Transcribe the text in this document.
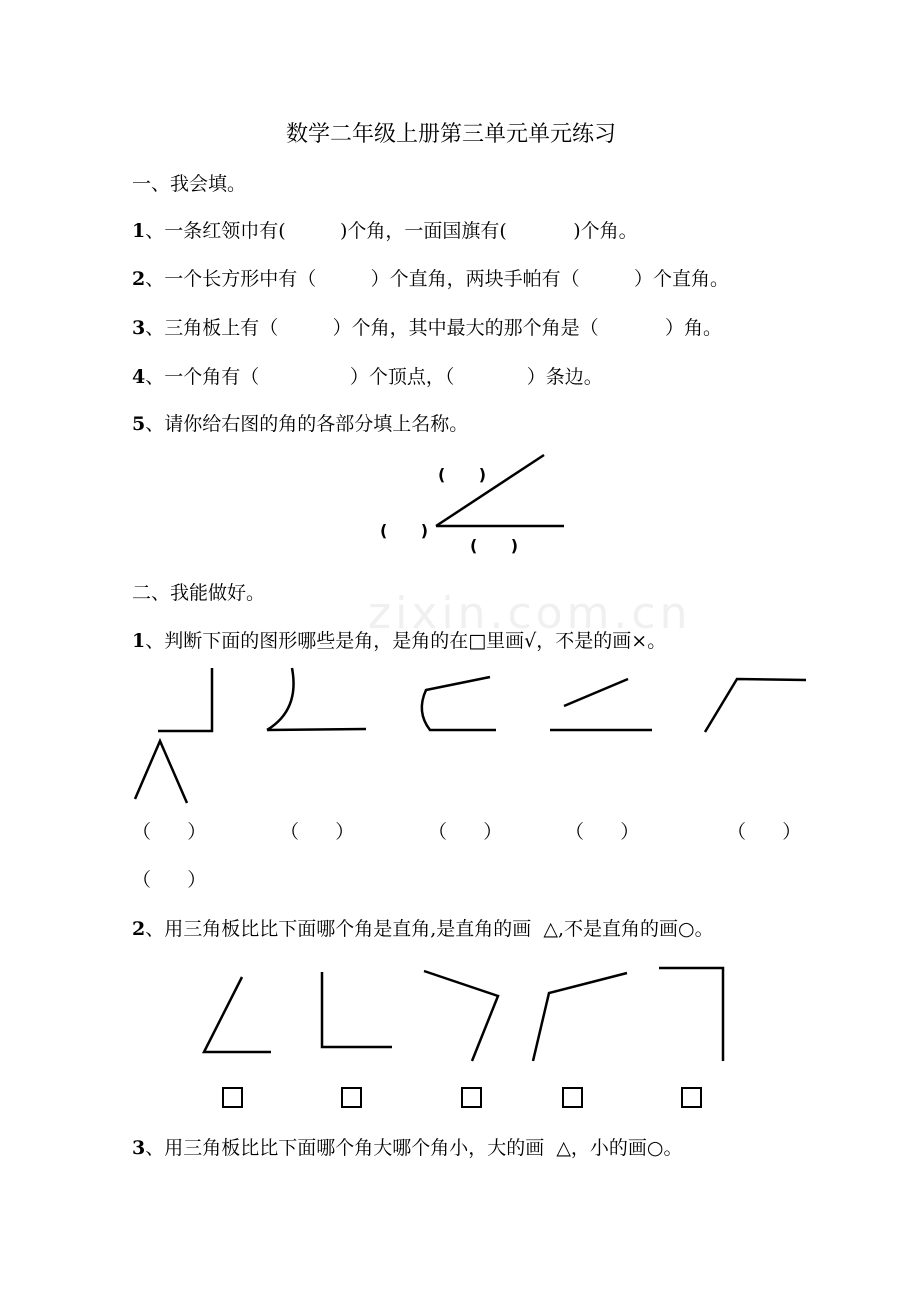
zixin.com.cn
数学二年级上册第三单元单元练习
一、我会填。
1、一条红领巾有(         )个角，一面国旗有(           )个角。
2、一个长方形中有（         ）个直角，两块手帕有（         ）个直角。
3、三角板上有（         ）个角，其中最大的那个角是（           ）角。
4、一个角有（               ）个顶点，（            ）条边。
5、请你给右图的角的各部分填上名称。
(      )
(      )
(      )
二、我能做好。
1、判断下面的图形哪些是角，是角的在□里画√，不是的画×。
（      ）	（      ）	（      ）	（      ）	（      ）
（      ）
2、用三角板比比下面哪个角是直角,是直角的画  △,不是直角的画○。
3、用三角板比比下面哪个角大哪个角小，大的画  △，小的画○。
